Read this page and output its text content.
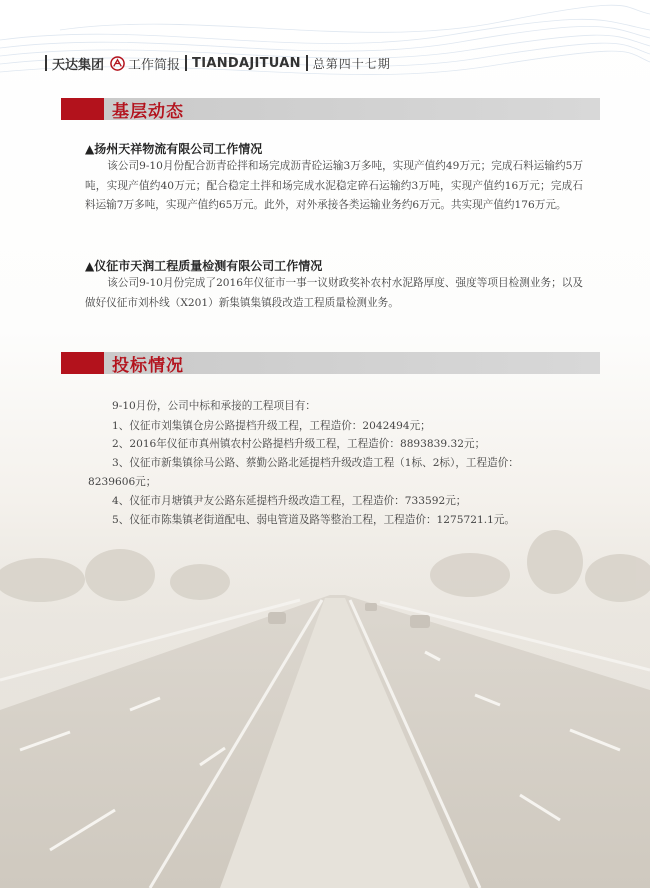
天达集团 工作简报 TIANDAJITUAN 总第四十七期
基层动态
▲扬州天祥物流有限公司工作情况

该公司9-10月份配合沥青砼拌和场完成沥青砼运输3万多吨，实现产值约49万元；完成石料运输约5万吨，实现产值约40万元；配合稳定土拌和场完成水泥稳定碎石运输约3万吨，实现产值约16万元；完成石料运输7万多吨，实现产值约65万元。此外，对外承接各类运输业务约6万元。共实现产值约176万元。

▲仪征市天润工程质量检测有限公司工作情况

该公司9-10月份完成了2016年仪征市一事一议财政奖补农村水泥路厚度、强度等项目检测业务；以及做好仪征市刘朴线（X201）新集镇集镇段改造工程质量检测业务。

投标情况
9-10月份，公司中标和承接的工程项目有：
1、仪征市刘集镇仓房公路提档升级工程，工程造价：2042494元；
2、2016年仪征市真州镇农村公路提档升级工程，工程造价：8893839.32元；
3、仪征市新集镇徐马公路、蔡勤公路北延提档升级改造工程（1标、2标），工程造价：
8239606元；
4、仪征市月塘镇尹友公路东延提档升级改造工程，工程造价：733592元；
5、仪征市陈集镇老街道配电、弱电管道及路等整治工程，工程造价：1275721.1元。
